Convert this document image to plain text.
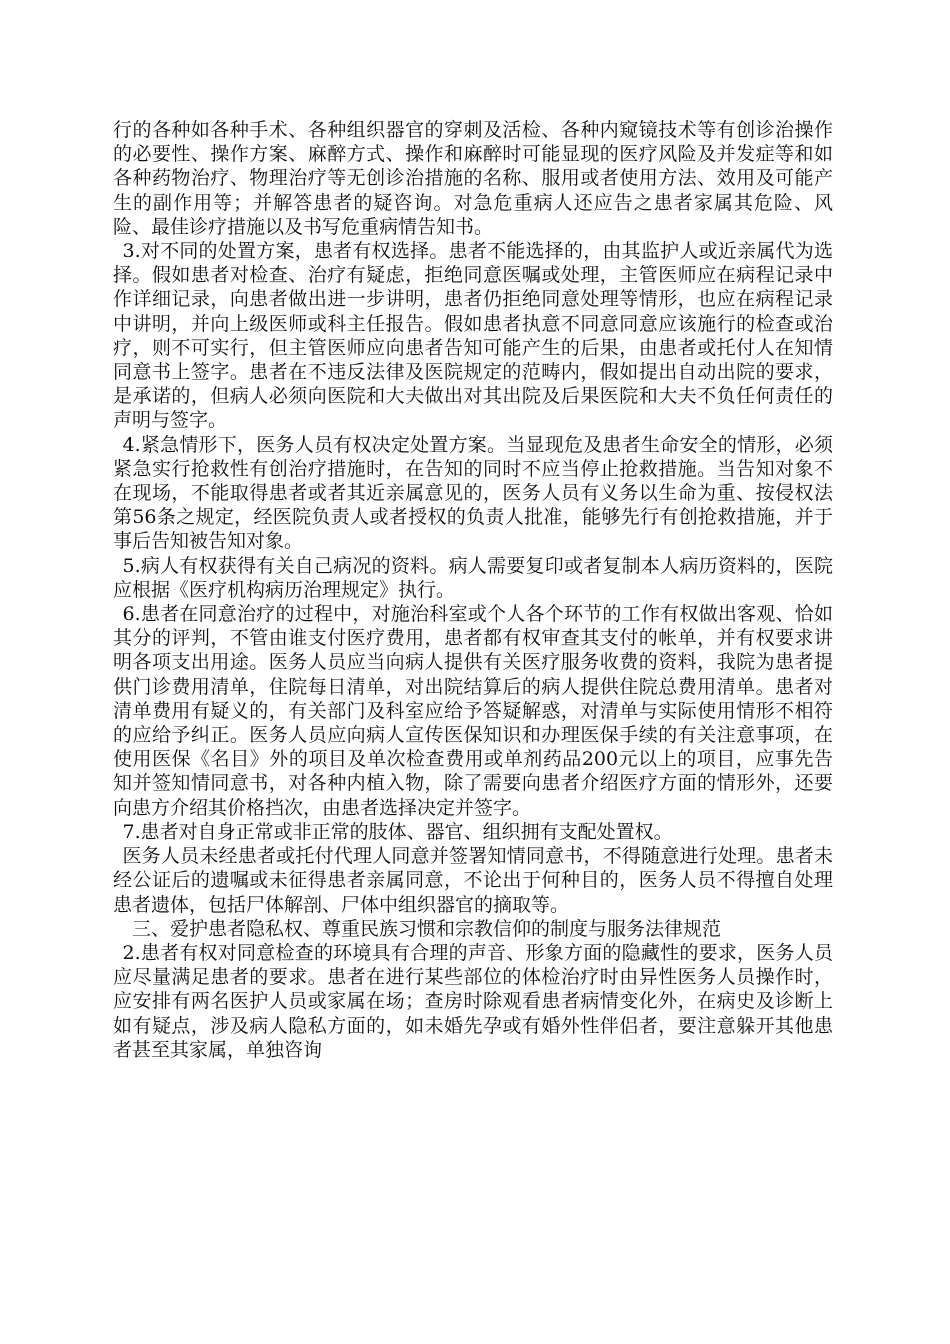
行的各种如各种手术、各种组织器官的穿刺及活检、各种内窥镜技术等有创诊治操作的必要性、操作方案、麻醉方式、操作和麻醉时可能显现的医疗风险及并发症等和如各种药物治疗、物理治疗等无创诊治措施的名称、服用或者使用方法、效用及可能产生的副作用等；并解答患者的疑咨询。对急危重病人还应告之患者家属其危险、风险、最佳诊疗措施以及书写危重病情告知书。

3.对不同的处置方案，患者有权选择。患者不能选择的，由其监护人或近亲属代为选择。假如患者对检查、治疗有疑虑，拒绝同意医嘱或处理，主管医师应在病程记录中作详细记录，向患者做出进一步讲明，患者仍拒绝同意处理等情形，也应在病程记录中讲明，并向上级医师或科主任报告。假如患者执意不同意同意应该施行的检查或治疗，则不可实行，但主管医师应向患者告知可能产生的后果，由患者或托付人在知情同意书上签字。患者在不违反法律及医院规定的范畴内，假如提出自动出院的要求，是承诺的，但病人必须向医院和大夫做出对其出院及后果医院和大夫不负任何责任的声明与签字。

4.紧急情形下，医务人员有权决定处置方案。当显现危及患者生命安全的情形，必须紧急实行抢救性有创治疗措施时，在告知的同时不应当停止抢救措施。当告知对象不在现场，不能取得患者或者其近亲属意见的，医务人员有义务以生命为重、按侵权法第56条之规定，经医院负责人或者授权的负责人批准，能够先行有创抢救措施，并于事后告知被告知对象。

5.病人有权获得有关自己病况的资料。病人需要复印或者复制本人病历资料的，医院应根据《医疗机构病历治理规定》执行。

6.患者在同意治疗的过程中，对施治科室或个人各个环节的工作有权做出客观、恰如其分的评判，不管由谁支付医疗费用，患者都有权审查其支付的帐单，并有权要求讲明各项支出用途。医务人员应当向病人提供有关医疗服务收费的资料，我院为患者提供门诊费用清单，住院每日清单，对出院结算后的病人提供住院总费用清单。患者对清单费用有疑义的，有关部门及科室应给予答疑解惑，对清单与实际使用情形不相符的应给予纠正。医务人员应向病人宣传医保知识和办理医保手续的有关注意事项，在使用医保《名目》外的项目及单次检查费用或单剂药品200元以上的项目，应事先告知并签知情同意书，对各种内植入物，除了需要向患者介绍医疗方面的情形外，还要向患方介绍其价格挡次，由患者选择决定并签字。

7.患者对自身正常或非正常的肢体、器官、组织拥有支配处置权。

医务人员未经患者或托付代理人同意并签署知情同意书，不得随意进行处理。患者未经公证后的遗嘱或未征得患者亲属同意，不论出于何种目的，医务人员不得擅自处理患者遗体，包括尸体解剖、尸体中组织器官的摘取等。

三、爱护患者隐私权、尊重民族习惯和宗教信仰的制度与服务法律规范

2.患者有权对同意检查的环境具有合理的声音、形象方面的隐藏性的要求，医务人员应尽量满足患者的要求。患者在进行某些部位的体检治疗时由异性医务人员操作时，应安排有两名医护人员或家属在场；查房时除观看患者病情变化外，在病史及诊断上如有疑点，涉及病人隐私方面的，如未婚先孕或有婚外性伴侣者，要注意躲开其他患者甚至其家属，单独咨询
